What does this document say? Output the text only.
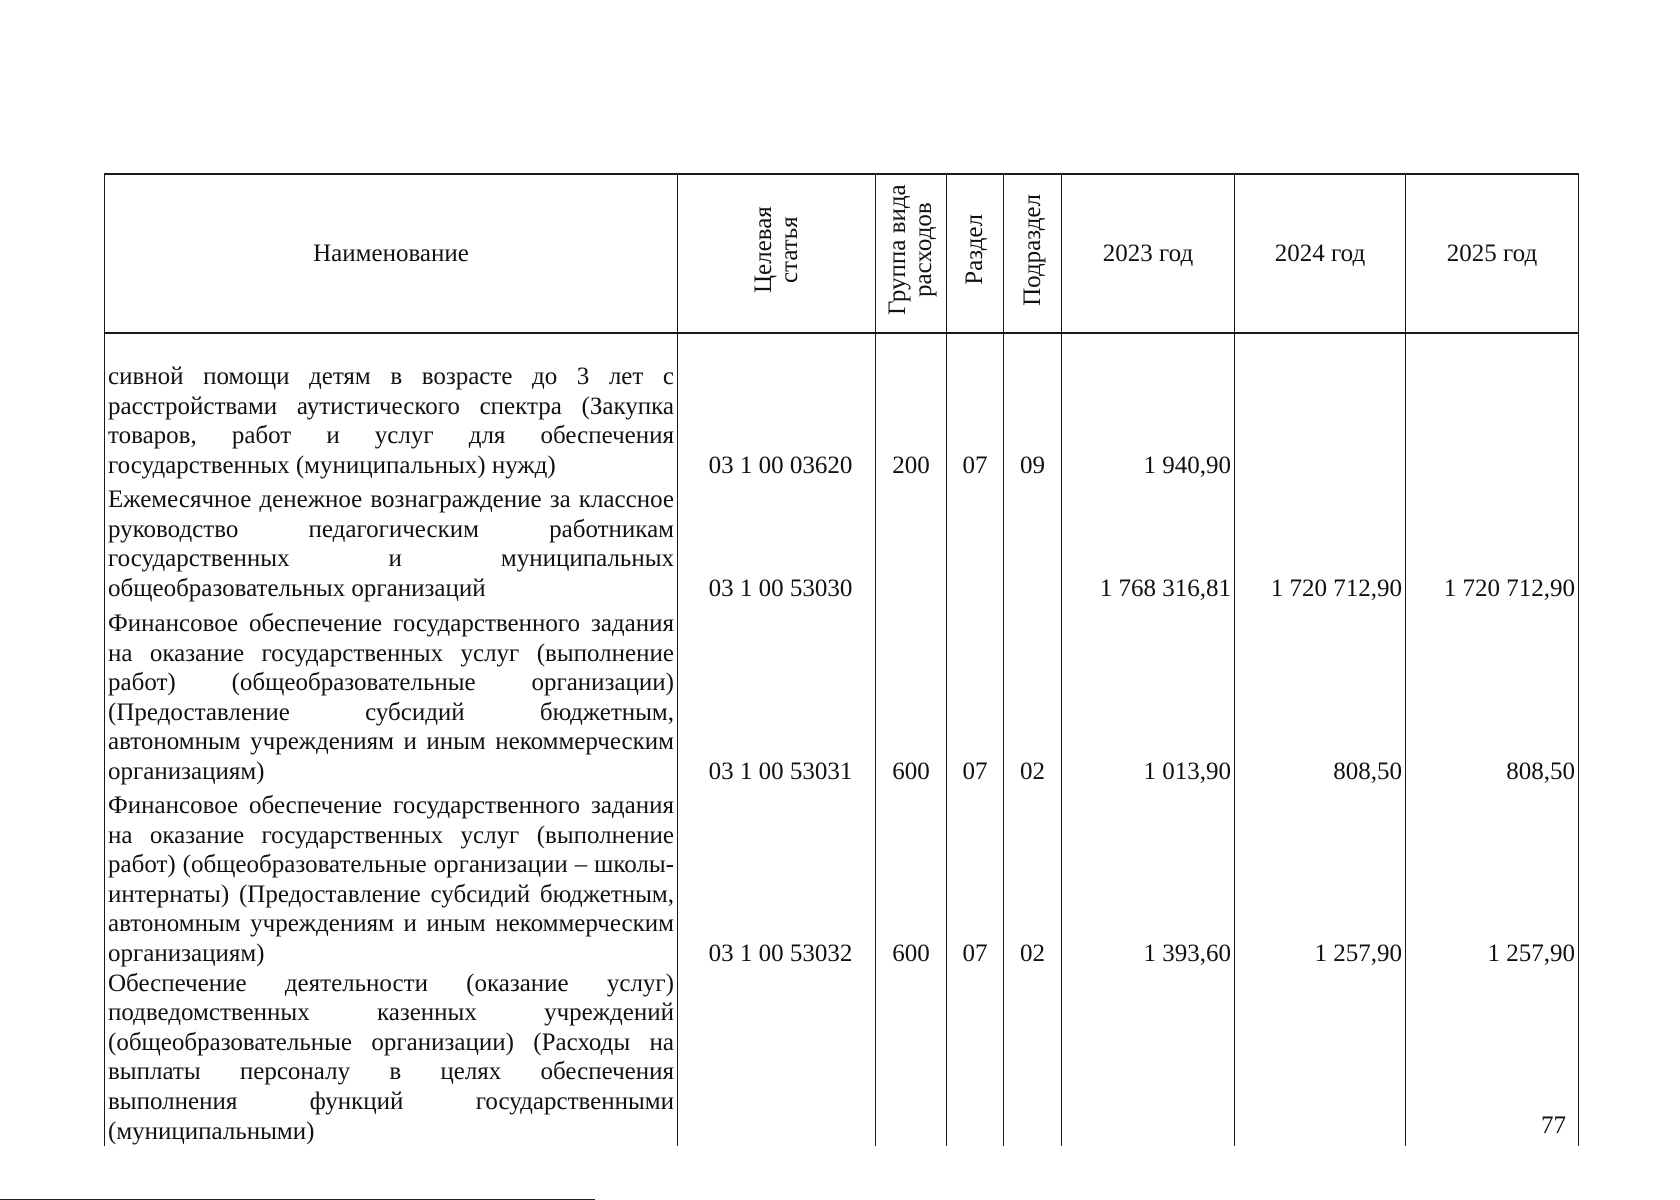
Наименование	Целевая статья	Группа вида расходов	Раздел	Подраздел	2023 год	2024 год	2025 год
сивной помощи детям в возрасте до 3 лет с расстройствами аутистического спектра (Закупка товаров, работ и услуг для обеспечения государственных (муниципальных) нужд)	03 1 00 03620	200	07	09	1 940,90		
Ежемесячное денежное вознаграждение за классное руководство педагогическим работникам государственных и муниципальных общеобразовательных организаций	03 1 00 53030				1 768 316,81	1 720 712,90	1 720 712,90
Финансовое обеспечение государственного задания на оказание государственных услуг (выполнение работ) (общеобразовательные организации) (Предоставление субсидий бюджетным, автономным учреждениям и иным некоммерческим организациям)	03 1 00 53031	600	07	02	1 013,90	808,50	808,50
Финансовое обеспечение государственного задания на оказание государственных услуг (выполнение работ) (общеобразовательные организации – школы-интернаты) (Предоставление субсидий бюджетным, автономным учреждениям и иным некоммерческим организациям)	03 1 00 53032	600	07	02	1 393,60	1 257,90	1 257,90
Обеспечение деятельности (оказание услуг) подведомственных казенных учреждений (общеобразовательные организации) (Расходы на выплаты персоналу в целях обеспечения выполнения функций государственными (муниципальными)								77
